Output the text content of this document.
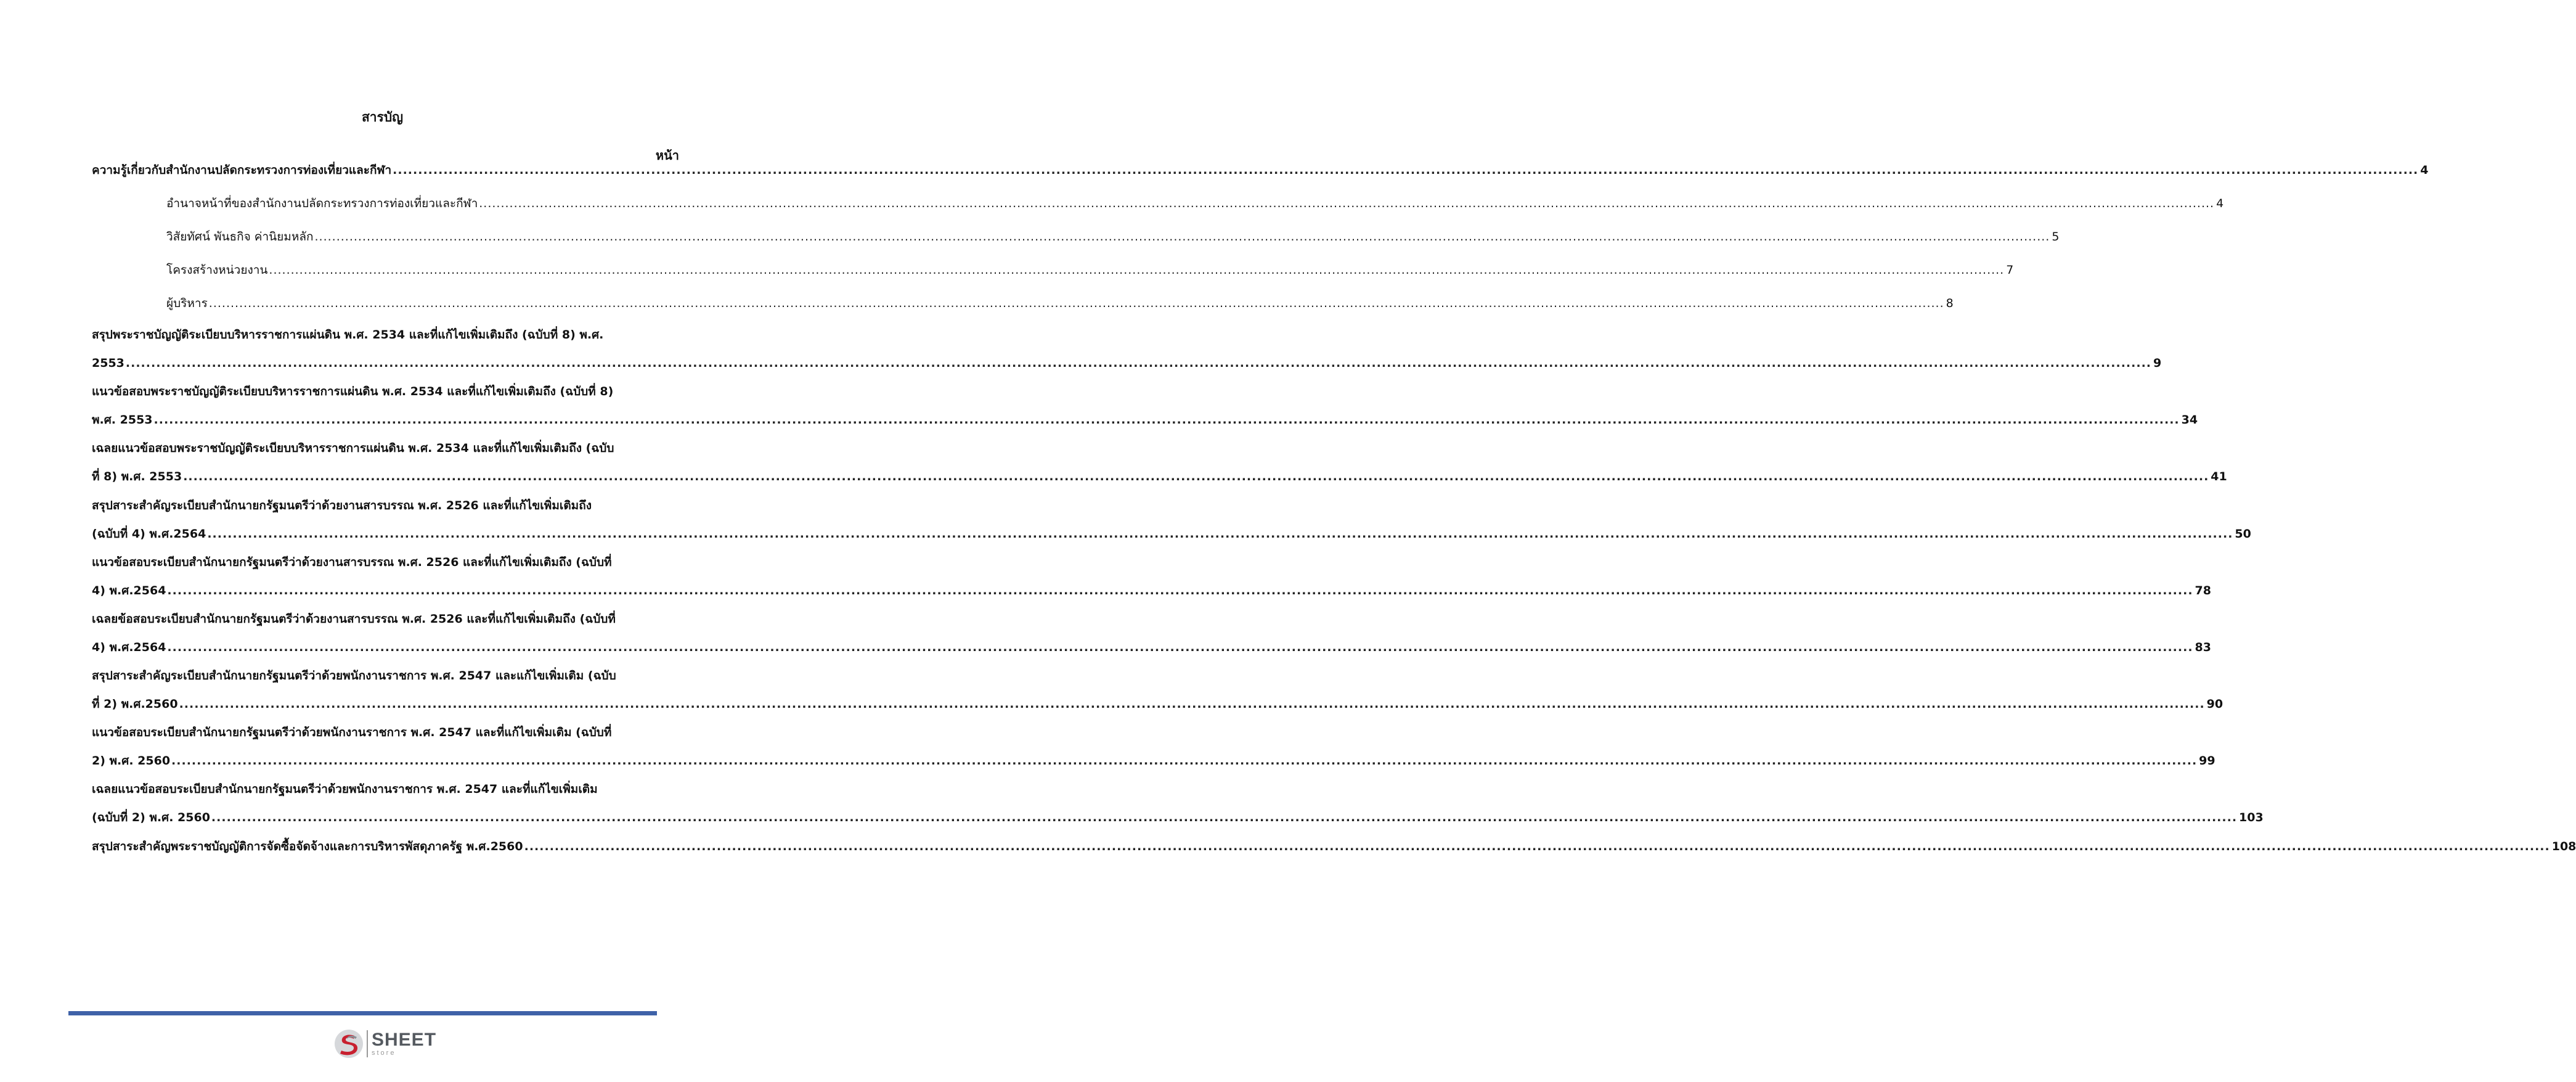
สารบัญ
หน้า
ความรู้เกี่ยวกับสำนักงานปลัดกระทรวงการท่องเที่ยวและกีฬา ................................................................................................................................................................................................................................................................................................................................................................................................................ 4
อำนาจหน้าที่ของสำนักงานปลัดกระทรวงการท่องเที่ยวและกีฬา ................................................................................................................................................................................................................................................................................................................................................................................................................ 4
วิสัยทัศน์ พันธกิจ ค่านิยมหลัก ................................................................................................................................................................................................................................................................................................................................................................................................................ 5
โครงสร้างหน่วยงาน ................................................................................................................................................................................................................................................................................................................................................................................................................ 7
ผู้บริหาร ................................................................................................................................................................................................................................................................................................................................................................................................................ 8
สรุปพระราชบัญญัติระเบียบบริหารราชการแผ่นดิน พ.ศ. 2534 และที่แก้ไขเพิ่มเติมถึง (ฉบับที่ 8) พ.ศ.
2553 ................................................................................................................................................................................................................................................................................................................................................................................................................ 9
แนวข้อสอบพระราชบัญญัติระเบียบบริหารราชการแผ่นดิน พ.ศ. 2534 และที่แก้ไขเพิ่มเติมถึง (ฉบับที่ 8)
พ.ศ. 2553 ................................................................................................................................................................................................................................................................................................................................................................................................................ 34
เฉลยแนวข้อสอบพระราชบัญญัติระเบียบบริหารราชการแผ่นดิน พ.ศ. 2534 และที่แก้ไขเพิ่มเติมถึง (ฉบับ
ที่ 8) พ.ศ. 2553 ................................................................................................................................................................................................................................................................................................................................................................................................................ 41
สรุปสาระสำคัญระเบียบสำนักนายกรัฐมนตรีว่าด้วยงานสารบรรณ พ.ศ. 2526 และที่แก้ไขเพิ่มเติมถึง
(ฉบับที่ 4) พ.ศ.2564 ................................................................................................................................................................................................................................................................................................................................................................................................................ 50
แนวข้อสอบระเบียบสำนักนายกรัฐมนตรีว่าด้วยงานสารบรรณ พ.ศ. 2526 และที่แก้ไขเพิ่มเติมถึง (ฉบับที่
4) พ.ศ.2564 ................................................................................................................................................................................................................................................................................................................................................................................................................ 78
เฉลยข้อสอบระเบียบสำนักนายกรัฐมนตรีว่าด้วยงานสารบรรณ พ.ศ. 2526 และที่แก้ไขเพิ่มเติมถึง (ฉบับที่
4) พ.ศ.2564 ................................................................................................................................................................................................................................................................................................................................................................................................................ 83
สรุปสาระสำคัญระเบียบสำนักนายกรัฐมนตรีว่าด้วยพนักงานราชการ พ.ศ. 2547 และแก้ไขเพิ่มเติม (ฉบับ
ที่ 2) พ.ศ.2560 ................................................................................................................................................................................................................................................................................................................................................................................................................ 90
แนวข้อสอบระเบียบสำนักนายกรัฐมนตรีว่าด้วยพนักงานราชการ พ.ศ. 2547 และที่แก้ไขเพิ่มเติม (ฉบับที่
2) พ.ศ. 2560 ................................................................................................................................................................................................................................................................................................................................................................................................................ 99
เฉลยแนวข้อสอบระเบียบสำนักนายกรัฐมนตรีว่าด้วยพนักงานราชการ พ.ศ. 2547 และที่แก้ไขเพิ่มเติม
(ฉบับที่ 2) พ.ศ. 2560 ................................................................................................................................................................................................................................................................................................................................................................................................................ 103
สรุปสาระสำคัญพระราชบัญญัติการจัดซื้อจัดจ้างและการบริหารพัสดุภาครัฐ พ.ศ.2560 ................................................................................................................................................................................................................................................................................................................................................................................................................ 108
SHEET
store
